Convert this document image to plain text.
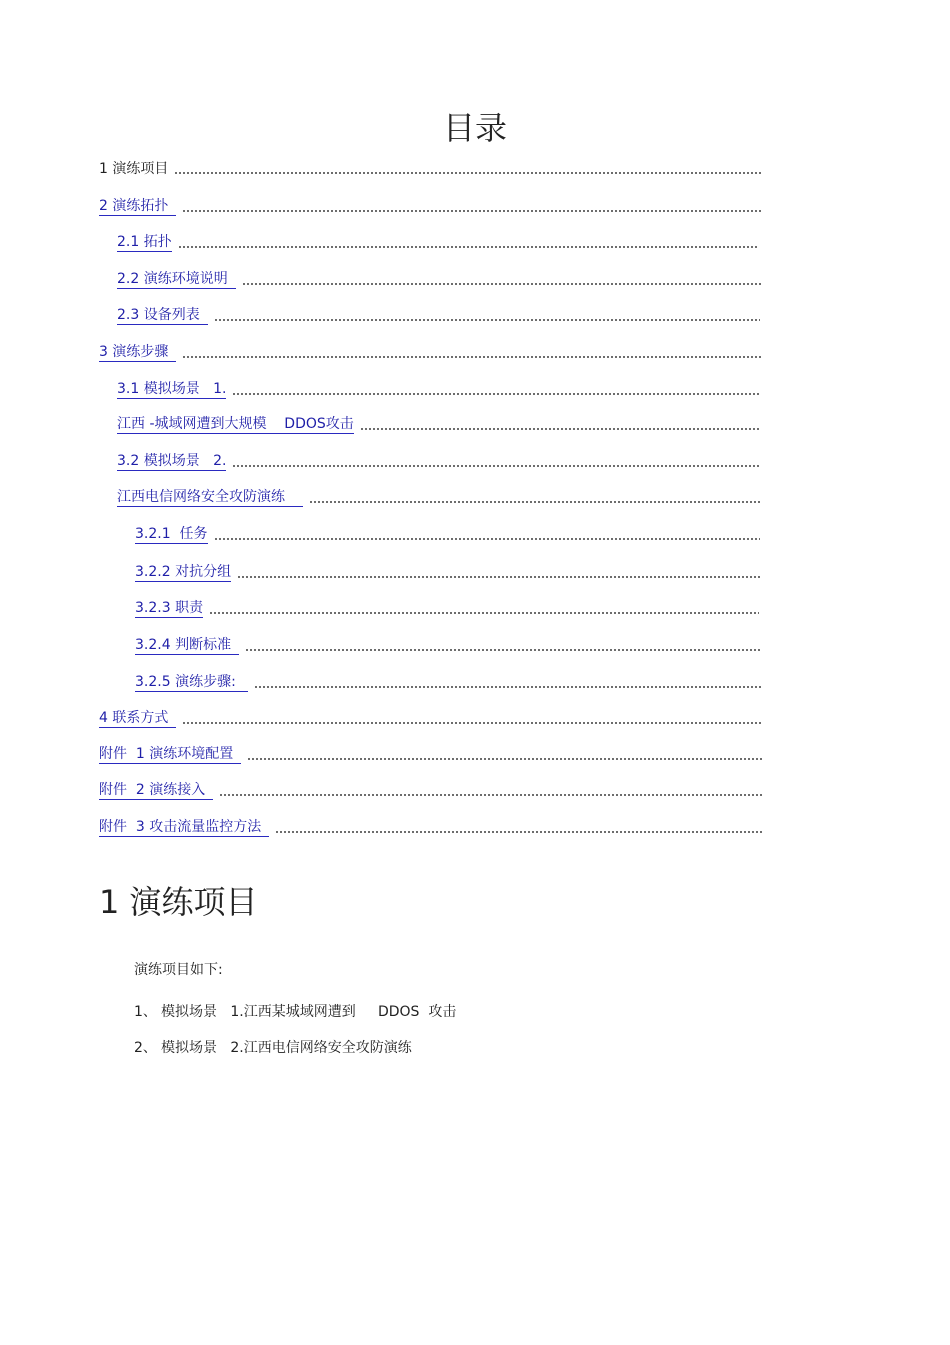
目录
1 演练项目
2 演练拓扑
2.1 拓扑
2.2 演练环境说明
2.3 设备列表
3 演练步骤
3.1 模拟场景   1.
江西 -城域网遭到大规模    DDOS攻击
3.2 模拟场景   2.
江西电信网络安全攻防演练
3.2.1  任务
3.2.2 对抗分组
3.2.3 职责
3.2.4 判断标准
3.2.5 演练步骤:
4 联系方式
附件  1 演练环境配置
附件  2 演练接入
附件  3 攻击流量监控方法
1 演练项目
演练项目如下:
1、 模拟场景   1.江西某城域网遭到     DDOS  攻击
2、 模拟场景   2.江西电信网络安全攻防演练
